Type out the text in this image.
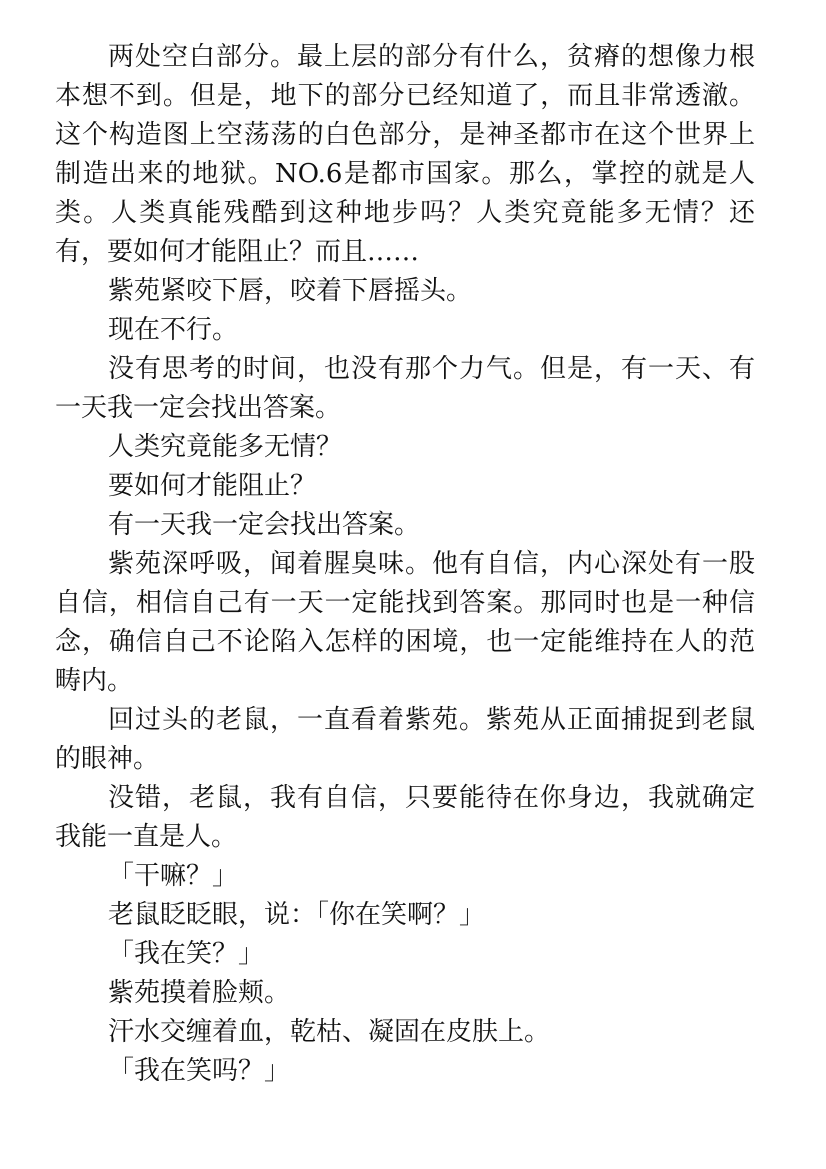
两处空白部分。最上层的部分有什么，贫瘠的想像力根本想不到。但是，地下的部分已经知道了，而且非常透澈。这个构造图上空荡荡的白色部分，是神圣都市在这个世界上制造出来的地狱。NO.6是都市国家。那么，掌控的就是人类。人类真能残酷到这种地步吗？人类究竟能多无情？还有，要如何才能阻止？而且……

紫苑紧咬下唇，咬着下唇摇头。

现在不行。

没有思考的时间，也没有那个力气。但是，有一天、有一天我一定会找出答案。

人类究竟能多无情？

要如何才能阻止？

有一天我一定会找出答案。

紫苑深呼吸，闻着腥臭味。他有自信，内心深处有一股自信，相信自己有一天一定能找到答案。那同时也是一种信念，确信自己不论陷入怎样的困境，也一定能维持在人的范畴内。

回过头的老鼠，一直看着紫苑。紫苑从正面捕捉到老鼠的眼神。

没错，老鼠，我有自信，只要能待在你身边，我就确定我能一直是人。

「干嘛？」

老鼠眨眨眼，说：「你在笑啊？」

「我在笑？」

紫苑摸着脸颊。

汗水交缠着血，乾枯、凝固在皮肤上。

「我在笑吗？」
